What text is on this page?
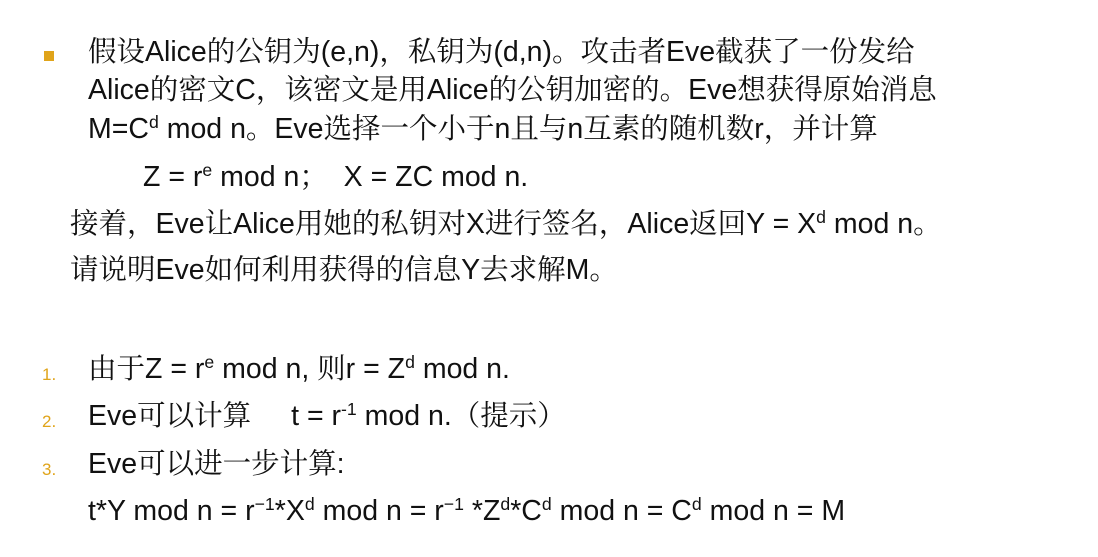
假设Alice的公钥为(e,n)，私钥为(d,n)。攻击者Eve截获了一份发给
Alice的密文C，该密文是用Alice的公钥加密的。Eve想获得原始消息
$M=C^d$ mod n。Eve选择一个小于n且与n互素的随机数r，并计算
$Z = r^e$ mod n；  X = ZC mod n.
接着，Eve让Alice用她的私钥对X进行签名，Alice返回$Y = X^d$ mod n。
请说明Eve如何利用获得的信息Y去求解M。
1. 由于$Z = r^e$ mod n, 则$r = Z^d$ mod n.
2. Eve可以计算 $t = r^{-1}$ mod n.（提示）
3. Eve可以进一步计算:
t*Y mod $n = r^{-1}*X^d$ mod $n = r^{-1}$ $*Z^d*C^d$ mod $n = C^d$ mod n = M
